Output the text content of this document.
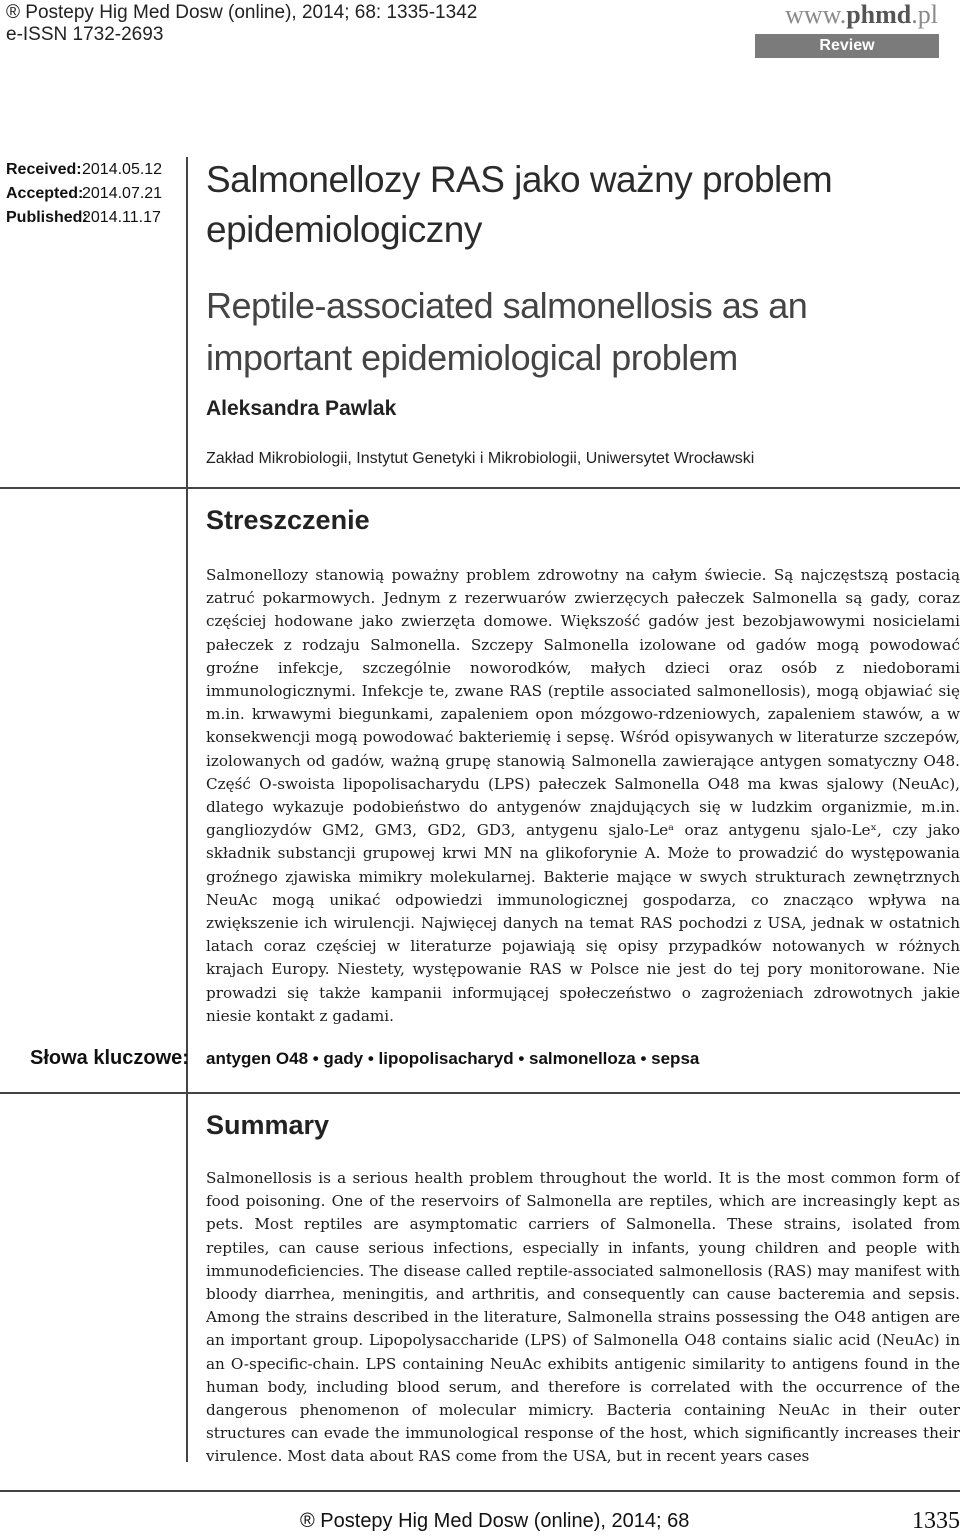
® Postepy Hig Med Dosw (online), 2014; 68: 1335-1342
e-ISSN 1732-2693
www.phmd.pl
Review
Received: 2014.05.12
Accepted:
2014.07.21
Published:
2014.11.17
Salmonellozy RAS jako ważny problem epidemiologiczny
Reptile-associated salmonellosis as an important epidemiological problem
Aleksandra Pawlak
Zakład Mikrobiologii, Instytut Genetyki i Mikrobiologii, Uniwersytet Wrocławski
Streszczenie
Salmonellozy stanowią poważny problem zdrowotny na całym świecie. Są najczęstszą postacią zatruć pokarmowych. Jednym z rezerwuarów zwierzęcych pałeczek Salmonella są gady, coraz częściej hodowane jako zwierzęta domowe. Większość gadów jest bezobjawowymi nosicielami pałeczek z rodzaju Salmonella. Szczepy Salmonella izolowane od gadów mogą powodować groźne infekcje, szczególnie noworodków, małych dzieci oraz osób z niedoborami immunologicznymi. Infekcje te, zwane RAS (reptile associated salmonellosis), mogą objawiać się m.in. krwawymi biegunkami, zapaleniem opon mózgowo-rdzeniowych, zapaleniem stawów, a w konsekwencji mogą powodować bakteriemię i sepsę. Wśród opisywanych w literaturze szczepów, izolowanych od gadów, ważną grupę stanowią Salmonella zawierające antygen somatyczny O48. Część O-swoista lipopolisacharydu (LPS) pałeczek Salmonella O48 ma kwas sjalowy (NeuAc), dlatego wykazuje podobieństwo do antygenów znajdujących się w ludzkim organizmie, m.in. gangliozydów GM2, GM3, GD2, GD3, antygenu sjalo-Leᵃ oraz antygenu sjalo-Leˣ, czy jako składnik substancji grupowej krwi MN na glikoforynie A. Może to prowadzić do występowania groźnego zjawiska mimikry molekularnej. Bakterie mające w swych strukturach zewnętrznych NeuAc mogą unikać odpowiedzi immunologicznej gospodarza, co znacząco wpływa na zwiększenie ich wirulencji. Najwięcej danych na temat RAS pochodzi z USA, jednak w ostatnich latach coraz częściej w literaturze pojawiają się opisy przypadków notowanych w różnych krajach Europy. Niestety, występowanie RAS w Polsce nie jest do tej pory monitorowane. Nie prowadzi się także kampanii informującej społeczeństwo o zagrożeniach zdrowotnych jakie niesie kontakt z gadami.
Słowa kluczowe: antygen O48 • gady • lipopolisacharyd • salmonelloza • sepsa
Summary
Salmonellosis is a serious health problem throughout the world. It is the most common form of food poisoning. One of the reservoirs of Salmonella are reptiles, which are increasingly kept as pets. Most reptiles are asymptomatic carriers of Salmonella. These strains, isolated from reptiles, can cause serious infections, especially in infants, young children and people with immunodeficiencies. The disease called reptile-associated salmonellosis (RAS) may manifest with bloody diarrhea, meningitis, and arthritis, and consequently can cause bacteremia and sepsis. Among the strains described in the literature, Salmonella strains possessing the O48 antigen are an important group. Lipopolysaccharide (LPS) of Salmonella O48 contains sialic acid (NeuAc) in an O-specific-chain. LPS containing NeuAc exhibits antigenic similarity to antigens found in the human body, including blood serum, and therefore is correlated with the occurrence of the dangerous phenomenon of molecular mimicry. Bacteria containing NeuAc in their outer structures can evade the immunological response of the host, which significantly increases their virulence. Most data about RAS come from the USA, but in recent years cases
® Postepy Hig Med Dosw (online), 2014; 68	1335
